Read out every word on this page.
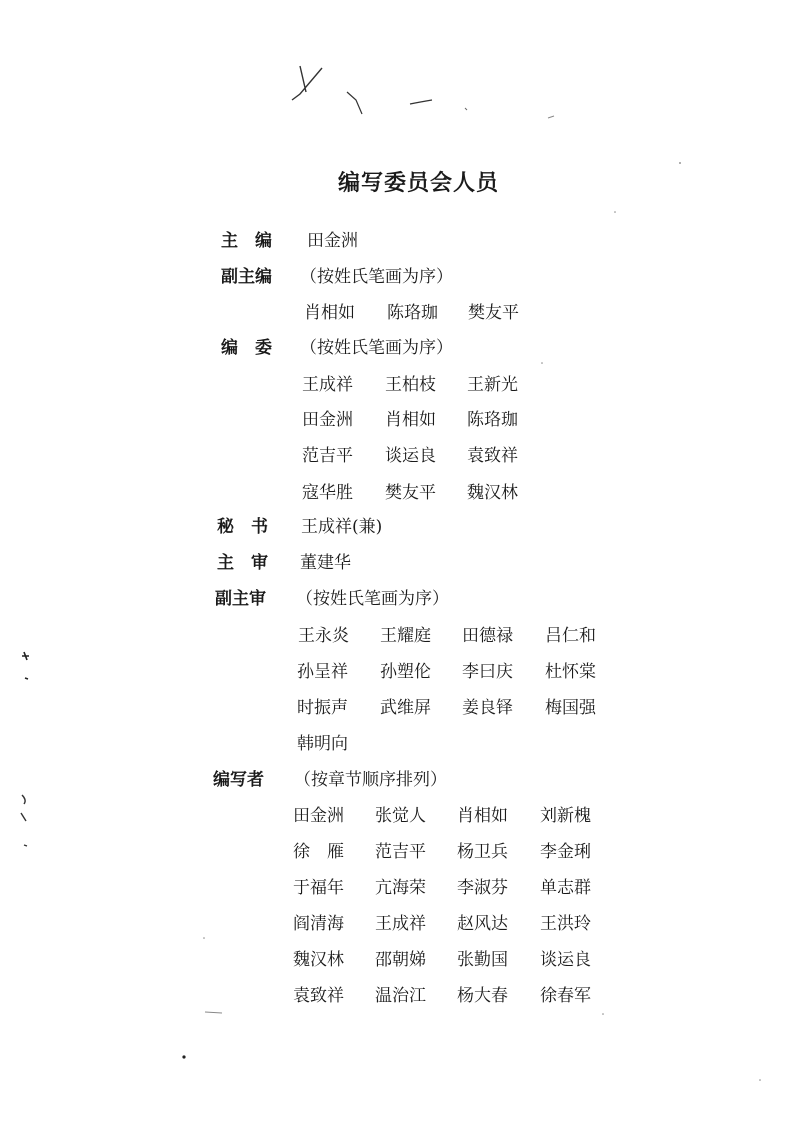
编写委员会人员
主　编 田金洲
副主编 （按姓氏笔画为序）
肖相如 陈珞珈 樊友平
编　委 （按姓氏笔画为序）
王成祥 王柏枝 王新光
田金洲 肖相如 陈珞珈
范吉平 谈运良 袁致祥
寇华胜 樊友平 魏汉林
秘　书 王成祥(兼)
主　审 董建华
副主审 （按姓氏笔画为序）
王永炎 王耀庭 田德禄 吕仁和
孙呈祥 孙塑伦 李曰庆 杜怀棠
时振声 武维屏 姜良铎 梅国强
韩明向
编写者 （按章节顺序排列）
田金洲 张觉人 肖相如 刘新槐
徐　雁 范吉平 杨卫兵 李金琍
于福年 亢海荣 李淑芬 单志群
阎清海 王成祥 赵风达 王洪玲
魏汉林 邵朝娣 张勤国 谈运良
袁致祥 温治江 杨大春 徐春军
